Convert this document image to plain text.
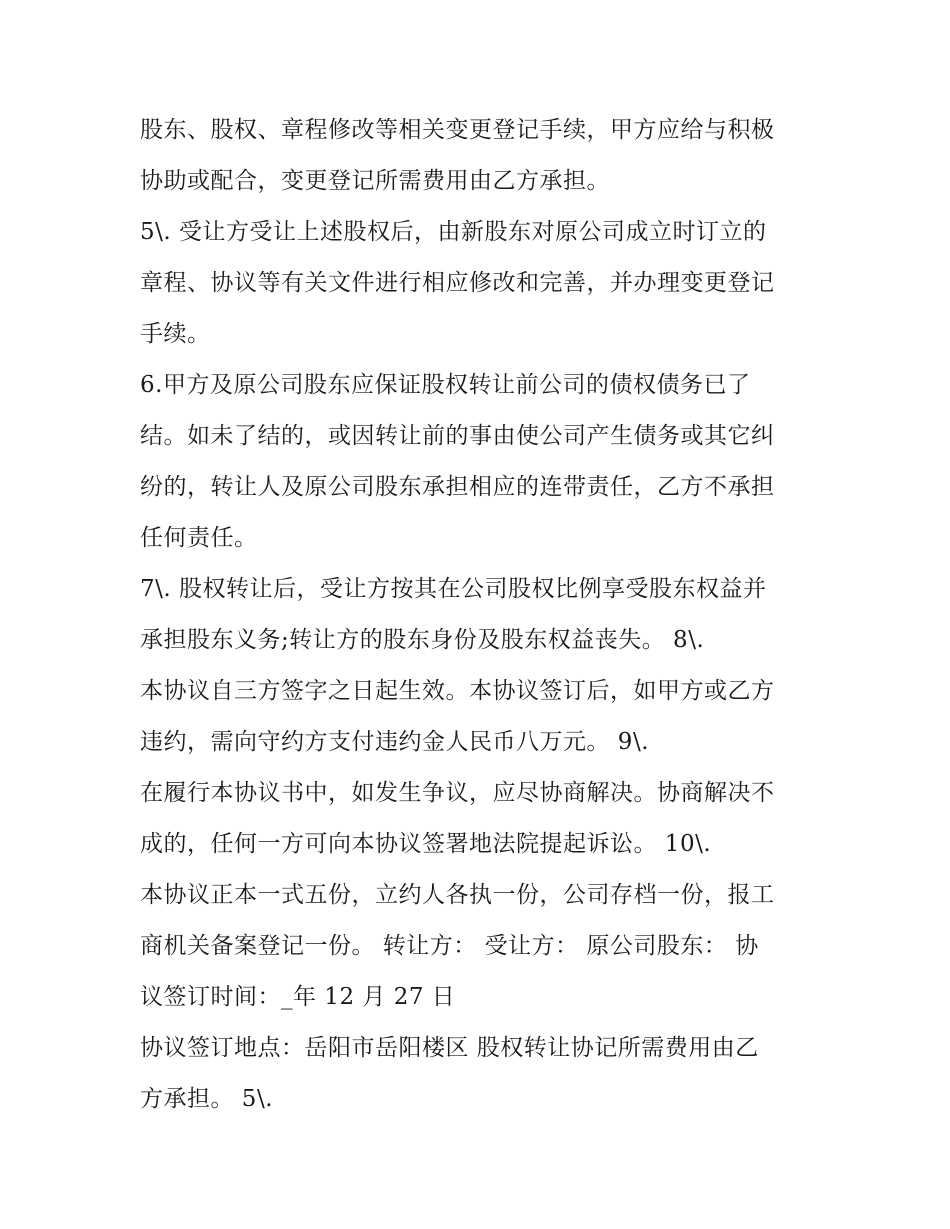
股东、股权、章程修改等相关变更登记手续，甲方应给与积极
协助或配合，变更登记所需费用由乙方承担。
5\. 受让方受让上述股权后，由新股东对原公司成立时订立的
章程、协议等有关文件进行相应修改和完善，并办理变更登记
手续。
6.甲方及原公司股东应保证股权转让前公司的债权债务已了
结。如未了结的，或因转让前的事由使公司产生债务或其它纠
纷的，转让人及原公司股东承担相应的连带责任，乙方不承担
任何责任。
7\. 股权转让后，受让方按其在公司股权比例享受股东权益并
承担股东义务;转让方的股东身份及股东权益丧失。 8\.
本协议自三方签字之日起生效。本协议签订后，如甲方或乙方
违约，需向守约方支付违约金人民币八万元。 9\.
在履行本协议书中，如发生争议，应尽协商解决。协商解决不
成的，任何一方可向本协议签署地法院提起诉讼。 10\.
本协议正本一式五份，立约人各执一份，公司存档一份，报工
商机关备案登记一份。 转让方： 受让方： 原公司股东： 协
议签订时间：_年 12 月 27 日
协议签订地点：岳阳市岳阳楼区 股权转让协记所需费用由乙
方承担。 5\.
